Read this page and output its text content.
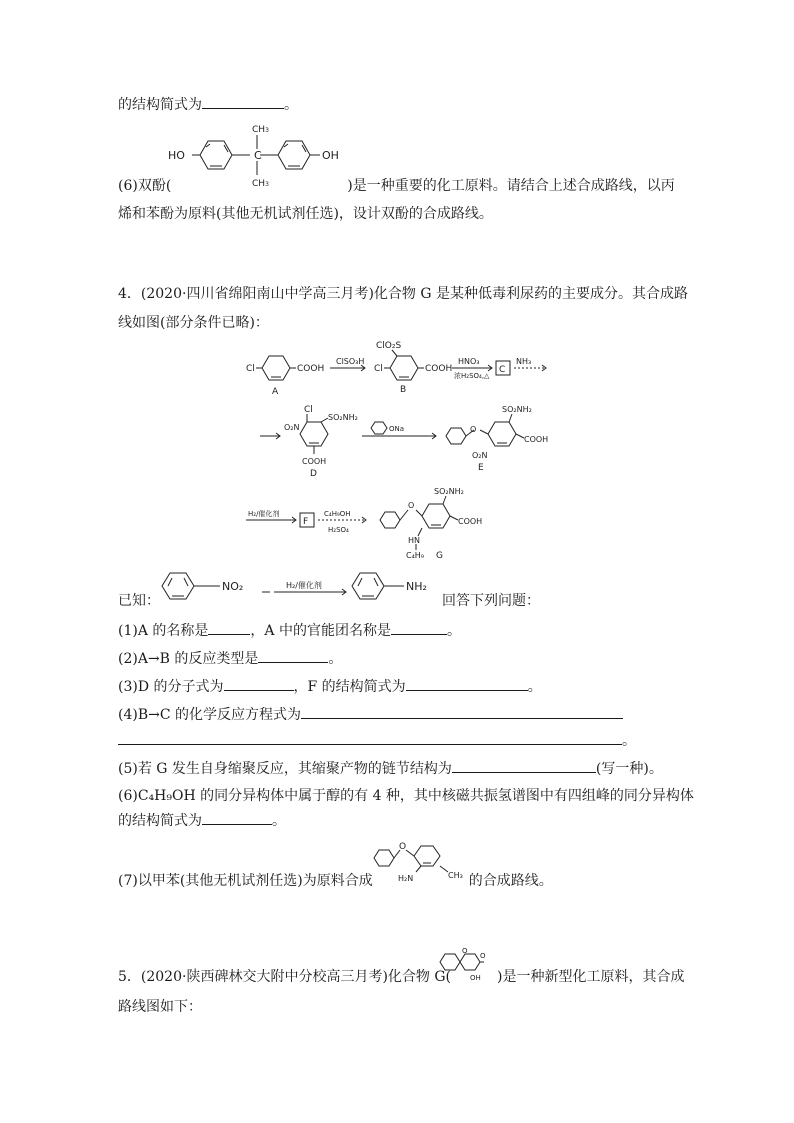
的结构简式为	。
C
HO	OH
CH3
CH3
(6)双酚(	)是一种重要的化工原料。请结合上述合成路线，以丙
烯和苯酚为原料(其他无机试剂任选)，设计双酚的合成路线。
4．(2020·四川省绵阳南山中学高三月考)化合物 G 是某种低毒利尿药的主要成分。其合成路
线如图(部分条件已略)：
Cl	COOH
A
ClSO₃H
ClO₂S
Cl	COOH
B
HNO₃
浓H₂SO₄,△
C
NH₃
Cl
SO₂NH₂
O₂N
COOH
D
ONa	O
SO₂NH₂
COOH
O₂N
E
H₂/催化剂
F
C₄H₉OH
H₂SO₄
O
SO₂NH₂
COOH
HN
C₄H₉ G
已知：
NO₂	H₂/催化剂	NH₂
回答下列问题：
(1)A 的名称是	，A 中的官能团名称是	。
(2)A→B 的反应类型是	。
(3)D 的分子式为	，F 的结构简式为	。
(4)B→C 的化学反应方程式为
。
(5)若 G 发生自身缩聚反应，其缩聚产物的链节结构为	(写一种)。
(6)C₄H₉OH 的同分异构体中属于醇的有 4 种，其中核磁共振氢谱图中有四组峰的同分异构体
的结构简式为	。
(7)以甲苯(其他无机试剂任选)为原料合成	的合成路线。
O
H₂N	CH₃
5．(2020·陕西碑林交大附中分校高三月考)化合物 G(	)是一种新型化工原料，其合成
O
O
OH
路线图如下：
